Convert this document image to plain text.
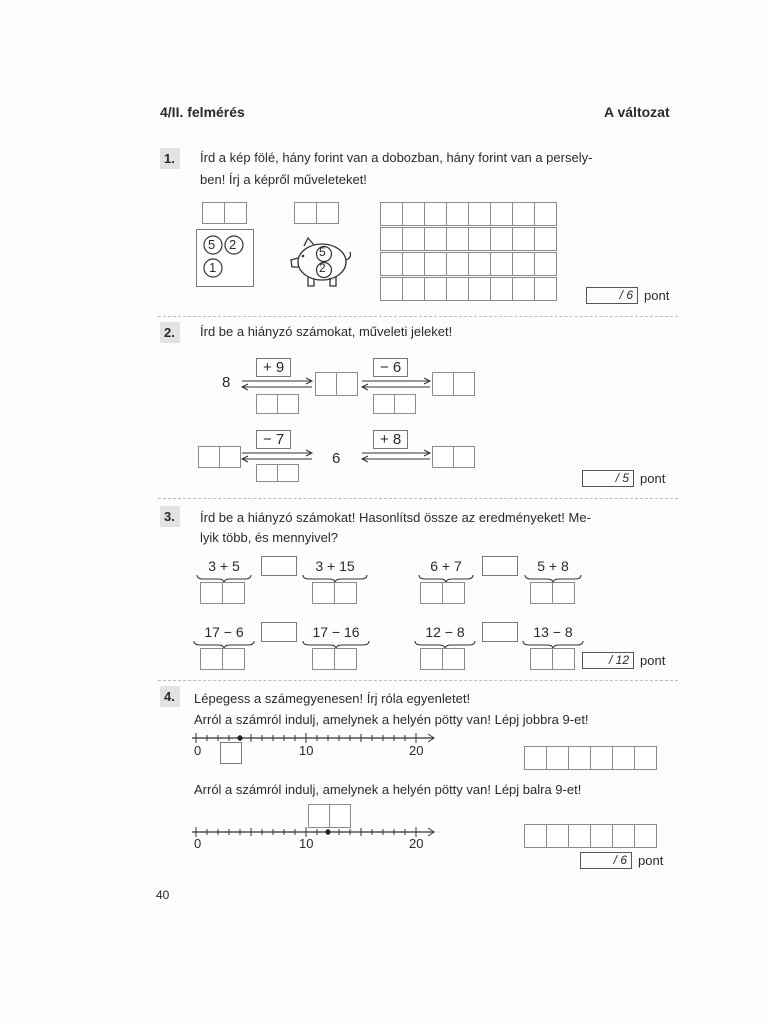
4/II. felmérés	A változat
1.	Írd a kép fölé, hány forint van a dobozban, hány forint van a persely-
ben! Írj a képről műveleteket!
5 2
1
5
2
/ 6 pont
2.	Írd be a hiányzó számokat, műveleti jeleket!
8
+ 9	− 6
− 7
6
+ 8
/ 5 pont
3.	Írd be a hiányzó számokat! Hasonlítsd össze az eredményeket! Me-
lyik több, és mennyivel?
3 + 5	3 + 15	6 + 7	5 + 8
17 − 6	17 − 16	12 − 8	13 − 8
/ 12 pont
4.	Lépegess a számegyenesen! Írj róla egyenletet!
Arról a számról indulj, amelynek a helyén pötty van! Lépj jobbra 9-et!
0	10	20
Arról a számról indulj, amelynek a helyén pötty van! Lépj balra 9-et!
0	10	20
/ 6 pont
40
